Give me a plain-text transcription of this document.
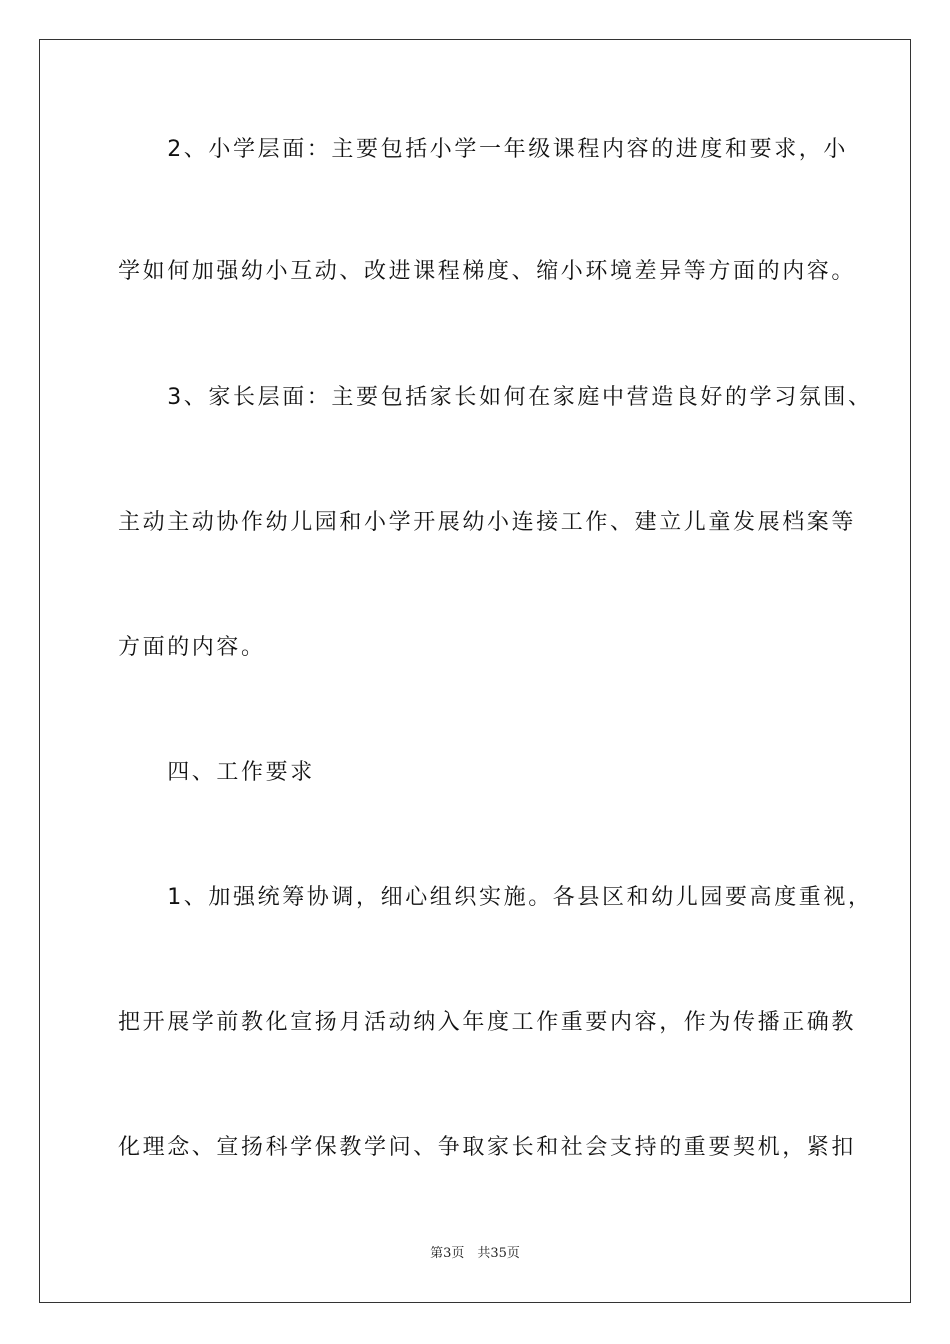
　　2、小学层面：主要包括小学一年级课程内容的进度和要求，小
学如何加强幼小互动、改进课程梯度、缩小环境差异等方面的内容。
　　3、家长层面：主要包括家长如何在家庭中营造良好的学习氛围、
主动主动协作幼儿园和小学开展幼小连接工作、建立儿童发展档案等
方面的内容。
　　四、工作要求
　　1、加强统筹协调，细心组织实施。各县区和幼儿园要高度重视，
把开展学前教化宣扬月活动纳入年度工作重要内容，作为传播正确教
化理念、宣扬科学保教学问、争取家长和社会支持的重要契机，紧扣
第3页　共35页
